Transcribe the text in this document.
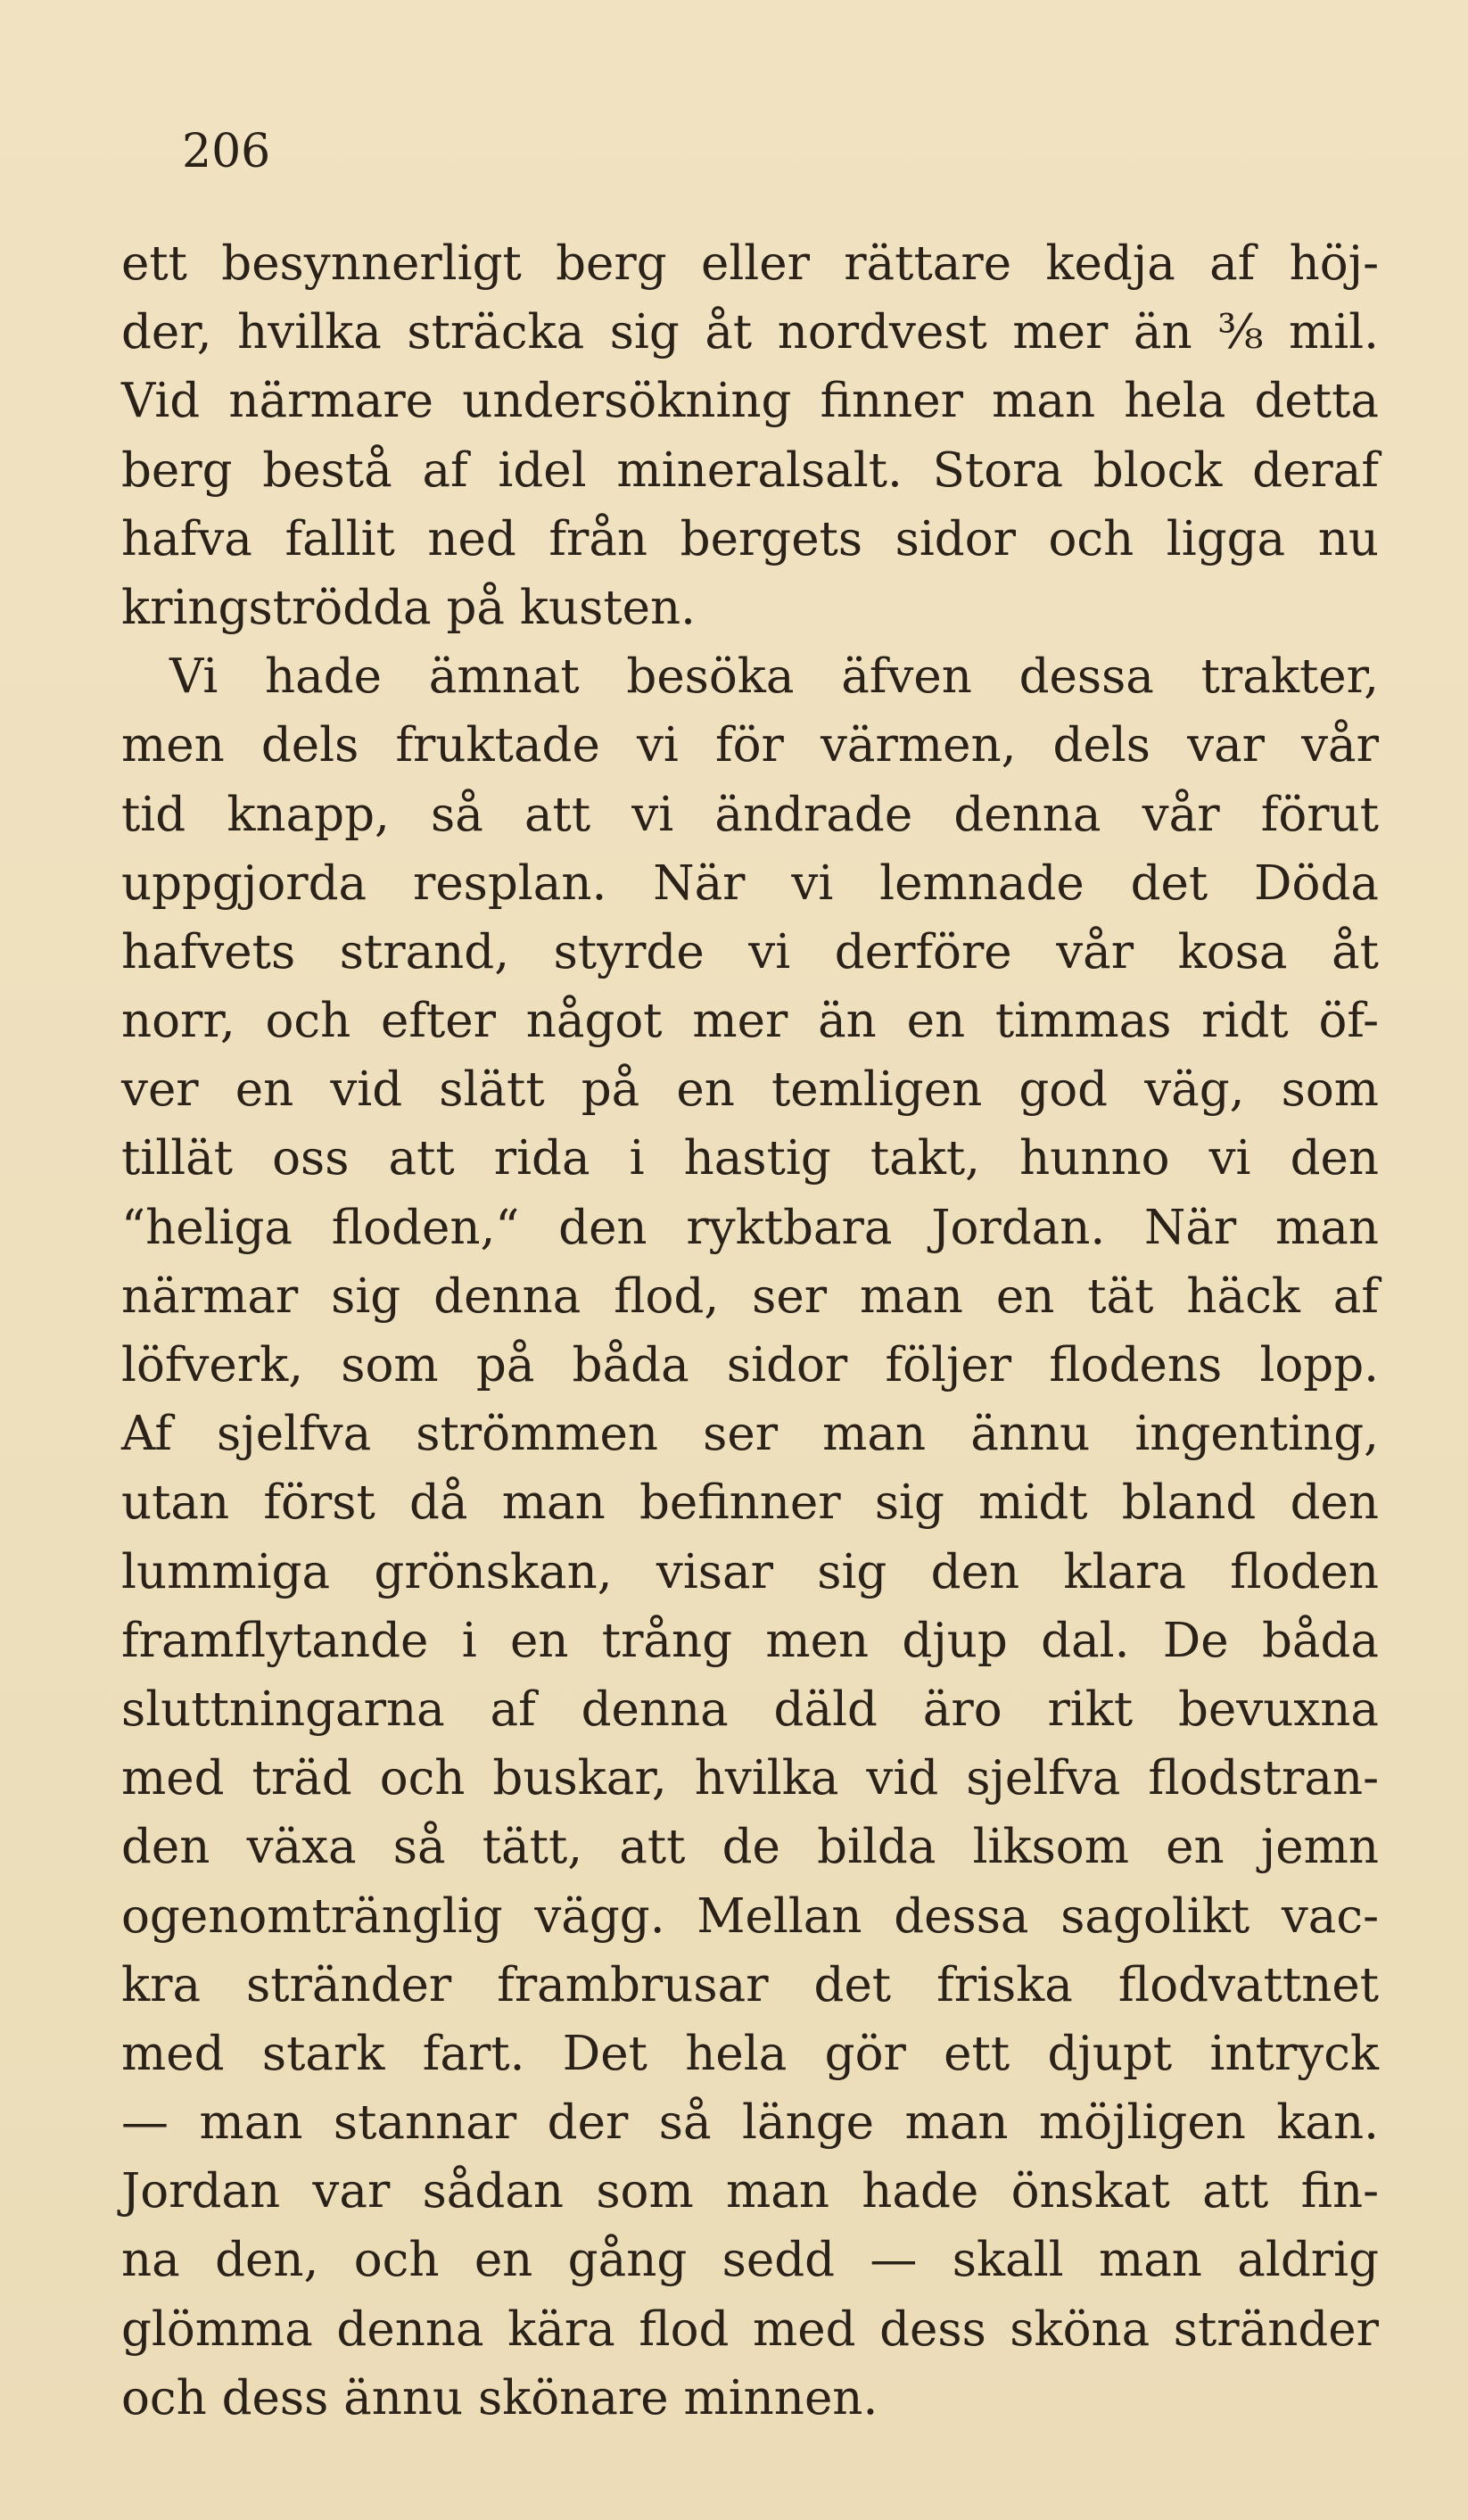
206
ett besynnerligt berg eller rättare kedja af höj-
der, hvilka sträcka sig åt nordvest mer än ⅜ mil.
Vid närmare undersökning finner man hela detta
berg bestå af idel mineralsalt. Stora block deraf
hafva fallit ned från bergets sidor och ligga nu
kringströdda på kusten.
Vi hade ämnat besöka äfven dessa trakter,
men dels fruktade vi för värmen, dels var vår
tid knapp, så att vi ändrade denna vår förut
uppgjorda resplan. När vi lemnade det Döda
hafvets strand, styrde vi derföre vår kosa åt
norr, och efter något mer än en timmas ridt öf-
ver en vid slätt på en temligen god väg, som
tillät oss att rida i hastig takt, hunno vi den
“heliga floden,“ den ryktbara Jordan. När man
närmar sig denna flod, ser man en tät häck af
löfverk, som på båda sidor följer flodens lopp.
Af sjelfva strömmen ser man ännu ingenting,
utan först då man befinner sig midt bland den
lummiga grönskan, visar sig den klara floden
framflytande i en trång men djup dal. De båda
sluttningarna af denna däld äro rikt bevuxna
med träd och buskar, hvilka vid sjelfva flodstran-
den växa så tätt, att de bilda liksom en jemn
ogenomtränglig vägg. Mellan dessa sagolikt vac-
kra stränder frambrusar det friska flodvattnet
med stark fart. Det hela gör ett djupt intryck
— man stannar der så länge man möjligen kan.
Jordan var sådan som man hade önskat att fin-
na den, och en gång sedd — skall man aldrig
glömma denna kära flod med dess sköna stränder
och dess ännu skönare minnen.
